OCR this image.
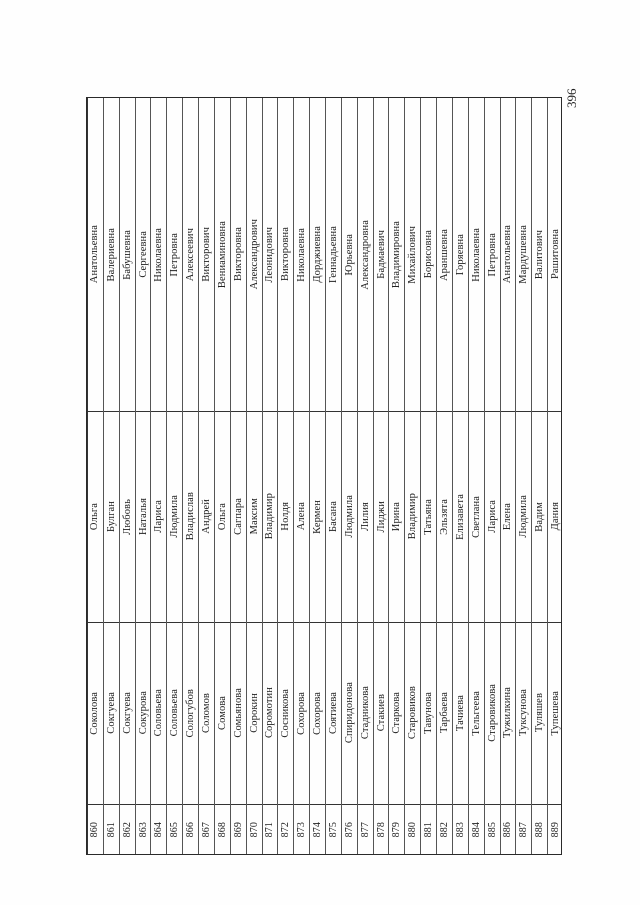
396
860
Соколова
Ольга
Анатольевна
861
Сокгуева
Булган
Валериевна
862
Сокгуева
Любовь
Бабушевна
863
Сокурова
Наталья
Сергеевна
864
Соловьева
Лариса
Николаевна
865
Соловьева
Людмила
Петровна
866
Сологубов
Владислав
Алексеевич
867
Соломов
Андрей
Викторович
868
Сомова
Ольга
Вениаминовна
869
Сомьянова
Сагпара
Викторовна
870
Сорокин
Максим
Александрович
871
Соромотин
Владимир
Леонидович
872
Сосникова
Нолдя
Викторовна
873
Сохорова
Алена
Николаевна
874
Сохорова
Кермен
Дорджиевна
875
Соятиева
Басана
Геннадьевна
876
Спиридонова
Людмила
Юрьевна
877
Стадникова
Лилия
Александровна
878
Стакиев
Лиджи
Бадмаевич
879
Старкова
Ирина
Владимировна
880
Старовиков
Владимир
Михайлович
881
Тавунова
Татьяна
Борисовна
882
Тарбаева
Эльзята
Араншевна
883
Тачиева
Елизавета
Горяевна
884
Тельгеева
Светлана
Николаевна
885
Старовикова
Лариса
Петровна
886
Тужилкина
Елена
Анатольевна
887
Туксунова
Людмила
Мардушевна
888
Туляшев
Вадим
Валитович
889
Тупешева
Дания
Рашитовна
